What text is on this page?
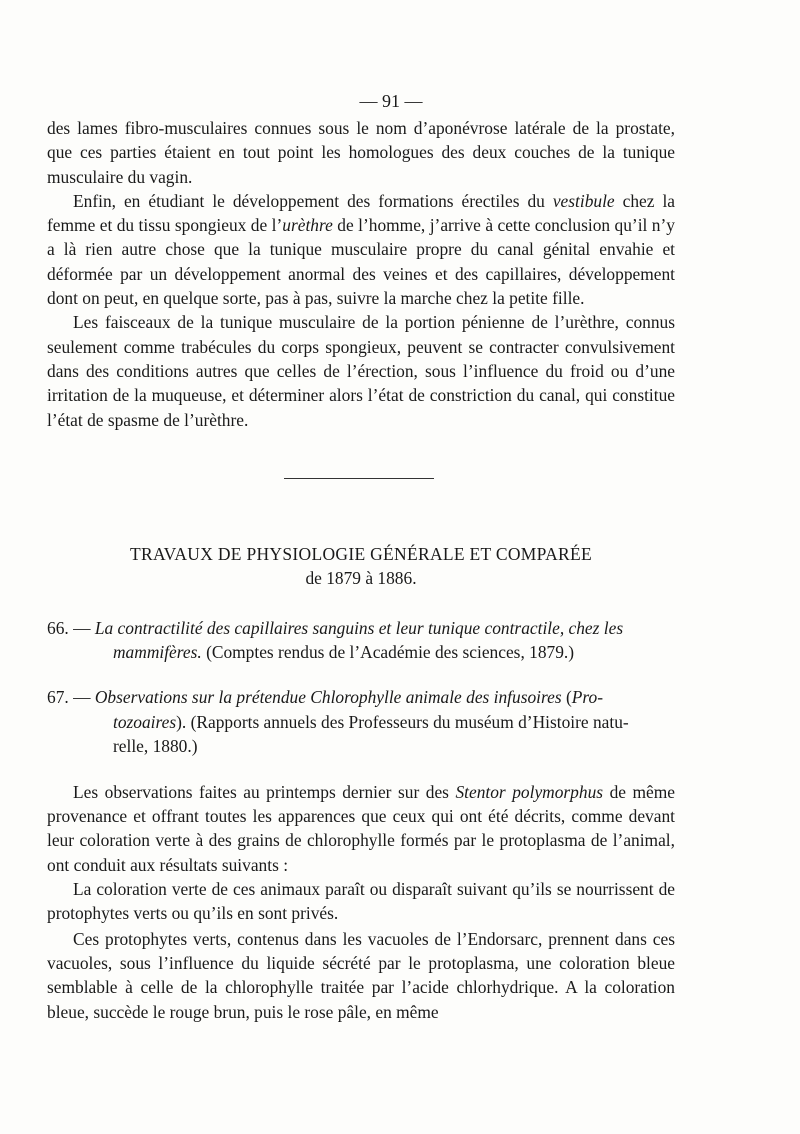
— 91 —

des lames fibro-musculaires connues sous le nom d’aponévrose latérale de la prostate, que ces parties étaient en tout point les homologues des deux couches de la tunique musculaire du vagin.

Enfin, en étudiant le développement des formations érectiles du vestibule chez la femme et du tissu spongieux de l’urèthre de l’homme, j’arrive à cette conclusion qu’il n’y a là rien autre chose que la tunique musculaire propre du canal génital envahie et déformée par un développement anormal des veines et des capillaires, développement dont on peut, en quelque sorte, pas à pas, suivre la marche chez la petite fille.

Les faisceaux de la tunique musculaire de la portion pénienne de l’urèthre, connus seulement comme trabécules du corps spongieux, peuvent se contracter convulsivement dans des conditions autres que celles de l’érection, sous l’influence du froid ou d’une irritation de la muqueuse, et déterminer alors l’état de constriction du canal, qui constitue l’état de spasme de l’urèthre.

TRAVAUX DE PHYSIOLOGIE GÉNÉRALE ET COMPARÉE
de 1879 à 1886.

66. — La contractilité des capillaires sanguins et leur tunique contractile, chez les
mammifères. (Comptes rendus de l’Académie des sciences, 1879.)

67. — Observations sur la prétendue Chlorophylle animale des infusoires (Pro-
tozoaires). (Rapports annuels des Professeurs du muséum d’Histoire natu-
relle, 1880.)

Les observations faites au printemps dernier sur des Stentor polymorphus de même provenance et offrant toutes les apparences que ceux qui ont été décrits, comme devant leur coloration verte à des grains de chlorophylle formés par le protoplasma de l’animal, ont conduit aux résultats suivants :

La coloration verte de ces animaux paraît ou disparaît suivant qu’ils se nourrissent de protophytes verts ou qu’ils en sont privés.

Ces protophytes verts, contenus dans les vacuoles de l’Endorsarc, prennent dans ces vacuoles, sous l’influence du liquide sécrété par le protoplasma, une coloration bleue semblable à celle de la chlorophylle traitée par l’acide chlorhydrique. A la coloration bleue, succède le rouge brun, puis le rose pâle, en même
